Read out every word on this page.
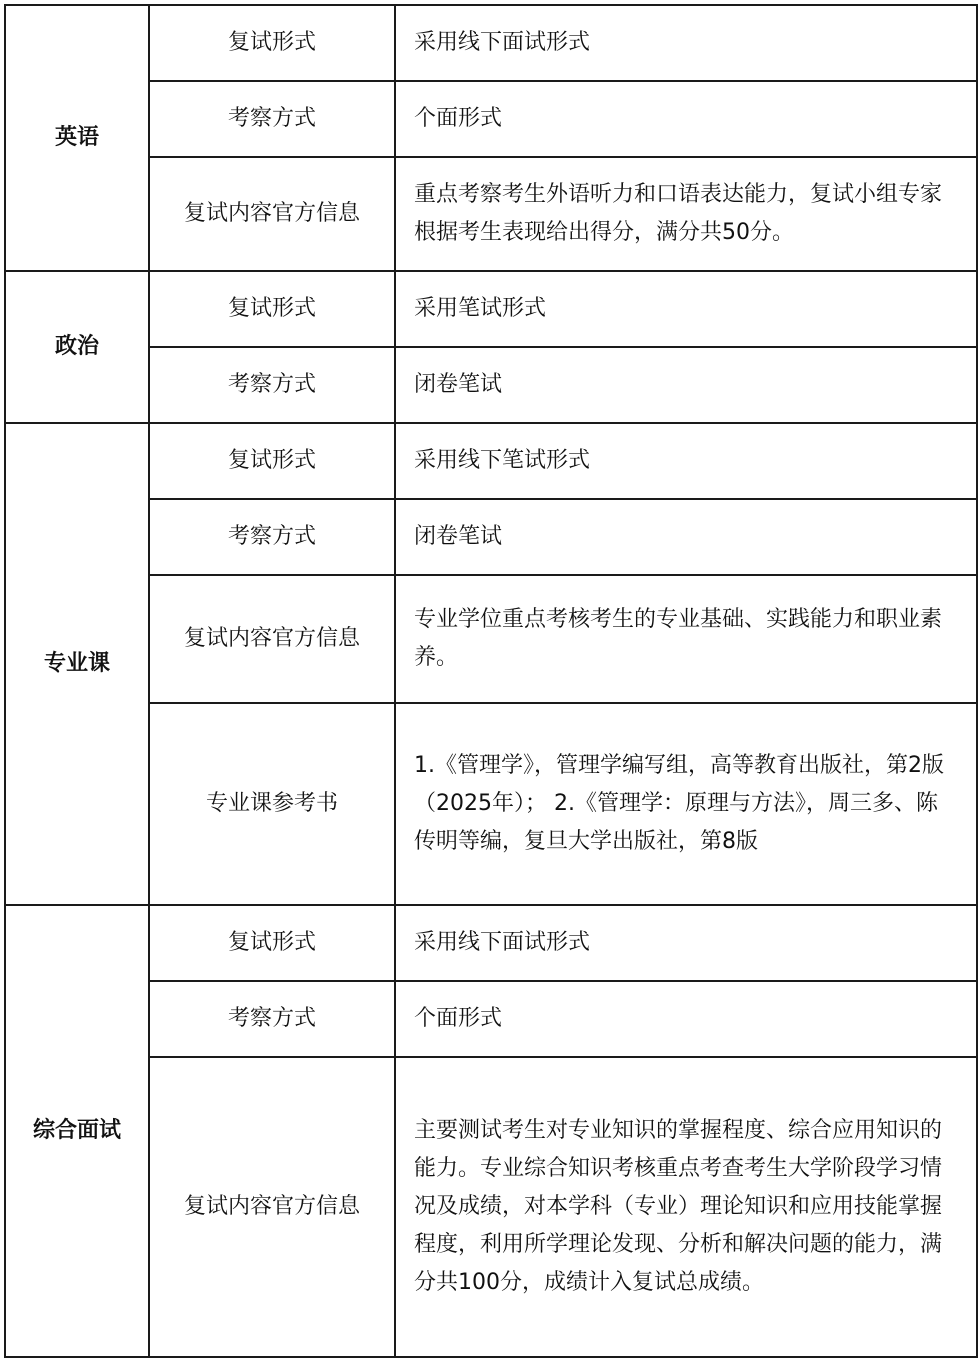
英语	复试形式	采用线下面试形式
	考察方式	个面形式
	复试内容官方信息	重点考察考生外语听力和口语表达能力，复试小组专家根据考生表现给出得分，满分共50分。
政治	复试形式	采用笔试形式
	考察方式	闭卷笔试
专业课	复试形式	采用线下笔试形式
	考察方式	闭卷笔试
	复试内容官方信息	专业学位重点考核考生的专业基础、实践能力和职业素养。
	专业课参考书	1.《管理学》，管理学编写组，高等教育出版社，第2版（2025年）； 2.《管理学：原理与方法》，周三多、陈传明等编，复旦大学出版社，第8版
综合面试	复试形式	采用线下面试形式
	考察方式	个面形式
	复试内容官方信息	主要测试考生对专业知识的掌握程度、综合应用知识的能力。专业综合知识考核重点考查考生大学阶段学习情况及成绩，对本学科（专业）理论知识和应用技能掌握程度，利用所学理论发现、分析和解决问题的能力，满分共100分，成绩计入复试总成绩。
